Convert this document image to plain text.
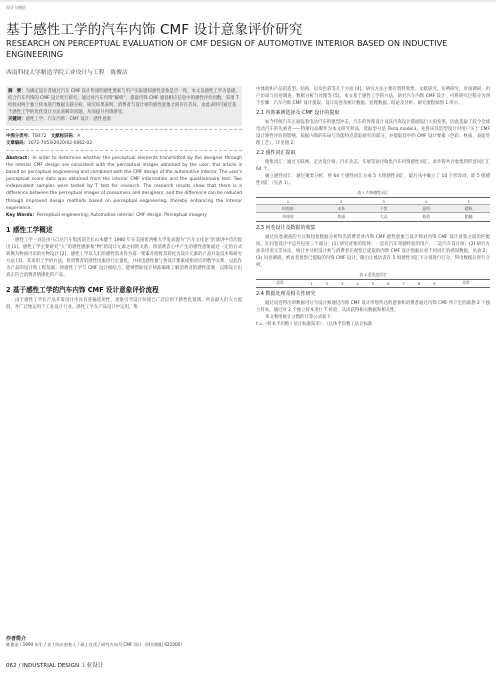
设计与理论
基于感性工学的汽车内饰 CMF 设计意象评价研究
RESEARCH ON PERCEPTUAL EVALUATION OF CMF DESIGN OF AUTOMOTIVE INTERIOR BASED ON INDUCTIVE ENGINEERING
西南科技大学制造学院工业设计与工程　陈俊洁
摘　要：为确定设计者通过汽车 CMF 设计传递的感性要素与用户实际感知感性意象是否一致，本文以感性工学为基础，结合汽车内饰的 CMF 设计进行研究。通过对汽车内饰“解构”，提取内饰 CMF 感意相应信息中的感性评价因数，采用 T 检验对两个独立样本进行数据关联分析。研究结果表明，消费者与设计师的感性意象之间存在差异。由此表明可通过基于感性工学的优化设计方法来解决问题，从而提升内饰感受。
关键词：感性工学；汽车内饰；CMF 设计；感性意象
中图分类号：TB472　 文献标识码：A
文章编码：1672-7053(2020)02-0062-02
Abstract：In order to determine whether the perceptual elements transmitted by the designer through the interior CMF design are consistent with the perceptual images obtained by the user, this article is based on perceptual engineering and combined with the CMF design of the automotive interior. The user's perceptual score data was obtained from the interior CMF information and the questionnaire test. Two independent samples were tested by T test for research. The research results show that there is a difference between the perceptual images of consumers and designers, and the difference can be reduced through improved design methods based on perceptual engineering, thereby enhancing the interior experience.
Key Words：Perceptual engineering; Automotive interior; CMF design; Perceptual imagery
1 感性工学概述
感性工学一词是由马自达汽车集团前会长山本健于 1986 年在美国密西根大学发表题为“汽车文化论”的演讲中首次提出 [1]。感性工学主要研究“人”的感性感象和“物”的设计元素之间的关系，将消费者心中产生的感性意象通过一定的方式转换为物质可识的实物设计 [2]。感性工学以人们的感性需求作为第一要素开始将其转化为设计元素的产品开发技术和研究方法 [3]。其采用工学的方法，将消费者的感性因素进行定量化，并找出感性量与各设计要素成相对应的数学关系，以此作为产品的设计和工程基础。将感性工学与 CMF 设计相结合，能够帮助设计师准确地了解消费者的感性需要，以期设计出真正符合消费者情感化的产品。
2 基于感性工学的汽车内饰 CMF 设计意象评价流程
由于感性工学在产品开发设计中具有普遍适用性，意象引导设计环境已广泛应用于感性化领域，所以最人们大力提倡，并广泛地运用于工业设计行业。感性工学在产品设计中运用，集
中体验和产品的造型、结构、以及色彩等几个方面 [4]。研究方法主要有资料收集、文献研究、实例研究、市场调研、用户访谈与问卷调查、数据分析与处理等 [5]。本文基于感性工学的方法，研究汽车内饰 CMF 设计，可将研究过程分为四个步骤：汽车内饰 CMF 设计提取、设计问卷及统计数据、处理数据、结论及分析。研究流程如图 1 所示。
2.1 内饰案例选择及 CMF 设计的提取
如今传统汽车正面临着电动汽车的强烈冲击，汽车的外饰设计及其内饰设计都面临巨大的变革，因此选取了较今全球电动汽车的先驱者——特斯拉品牌作为本文研究样品，选取型号是 Tesla model3。先将该其造型设计对用户关于 CMF 设计感性评价的影响，依据内饰的布局与功能特点选取研究的部分，并提取其中的 CMF 设计要素（色彩、材质、表面处理工艺），详见图 2。
2.2 感性词汇提取
收集词汇：通过互联网、走访设计师、汽车杂志、车展等途径收集汽车内饰感性词汇，求步得共计收集到形容词汇汇 64 个。
确立感性词汇：通过聚类分析，将 64 个感性词汇分成 5 大组感性词汇，最后从中确立了 10 个形容词，即 5 组感性词汇（见表 1）。
表 1 内饰感性词汇
1	2	3	4	5
时尚的	未来	个性	高档	精致
传统的	普通	大众	低档	粗糙
2.3 问卷设计及数据的收集
通过问卷调查的方式和问卷数据分析得出消费者对内饰 CMF 感性意象与设计师对内饰 CMF 设计意象之间的匹配度，在问卷设计中总共包括三个部分：(1) 研究对象的选择：一是有汽车驾驶经验的用户，二是汽车设计师；(2) 研究方法采用语义差异法，统计并分析设计师与消费者在观察已提取的内饰 CMF 设计图素后对不同词汇的感知数据，见表 2；(3) 问卷调研，被访者观察已提取的内饰 CMF 设计，随后让被访者在 5 组感性词汇下分别进行打分，得出数据后进行分析。
表 2 意见度回定
非常	1	2	3	4	5	6	7	8	9	非常
2.4 数据处理及相关性研究
通过问卷得出的数据可分为设计师通过内饰 CMF 设计所想传达的意象和消费者通过内饰 CMF 所产生的联想 2 个独立样本。通过对 2 个独立样本进行 T 检验，从而获得相关数据和相关性。
本文利用统计分数的计算公式如下：
t =（样本平均数 / 估计标准误差）：（总体平均数 / 估计标准
作者简介
陈俊洁 / 1994 年生 / 女 / 四川南充人 / 硕士在读 / 研究方向为 CMF 设计（四川绵阳 621000）
062 / INDUSTRIAL DESIGN 工业设计
